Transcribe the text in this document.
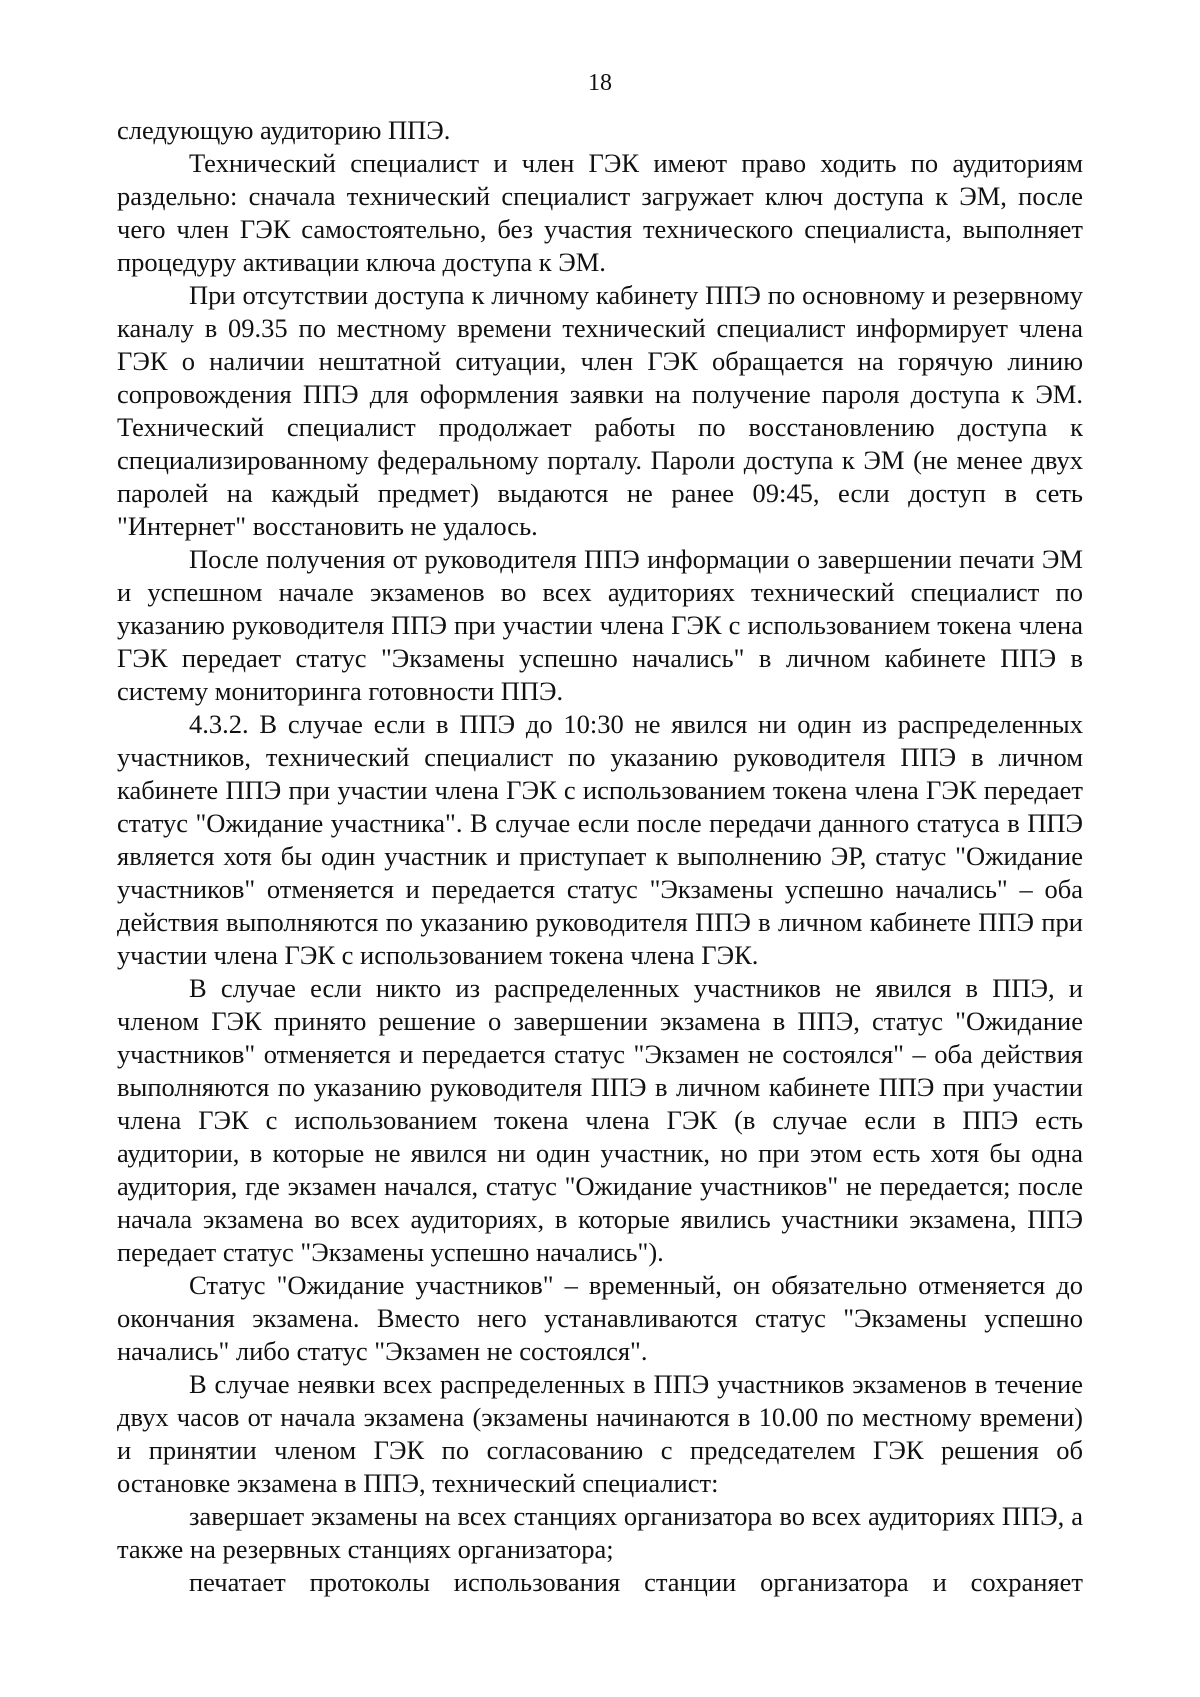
18

следующую аудиторию ППЭ.

Технический специалист и член ГЭК имеют право ходить по аудиториям раздельно: сначала технический специалист загружает ключ доступа к ЭМ, после чего член ГЭК самостоятельно, без участия технического специалиста, выполняет процедуру активации ключа доступа к ЭМ.

При отсутствии доступа к личному кабинету ППЭ по основному и резервному каналу в 09.35 по местному времени технический специалист информирует члена ГЭК о наличии нештатной ситуации, член ГЭК обращается на горячую линию сопровождения ППЭ для оформления заявки на получение пароля доступа к ЭМ. Технический специалист продолжает работы по восстановлению доступа к специализированному федеральному порталу. Пароли доступа к ЭМ (не менее двух паролей на каждый предмет) выдаются не ранее 09:45, если доступ в сеть "Интернет" восстановить не удалось.

После получения от руководителя ППЭ информации о завершении печати ЭМ и успешном начале экзаменов во всех аудиториях технический специалист по указанию руководителя ППЭ при участии члена ГЭК с использованием токена члена ГЭК передает статус "Экзамены успешно начались" в личном кабинете ППЭ в систему мониторинга готовности ППЭ.

4.3.2. В случае если в ППЭ до 10:30 не явился ни один из распределенных участников, технический специалист по указанию руководителя ППЭ в личном кабинете ППЭ при участии члена ГЭК с использованием токена члена ГЭК передает статус "Ожидание участника". В случае если после передачи данного статуса в ППЭ является хотя бы один участник и приступает к выполнению ЭР, статус "Ожидание участников" отменяется и передается статус "Экзамены успешно начались" – оба действия выполняются по указанию руководителя ППЭ в личном кабинете ППЭ при участии члена ГЭК с использованием токена члена ГЭК.

В случае если никто из распределенных участников не явился в ППЭ, и членом ГЭК принято решение о завершении экзамена в ППЭ, статус "Ожидание участников" отменяется и передается статус "Экзамен не состоялся" – оба действия выполняются по указанию руководителя ППЭ в личном кабинете ППЭ при участии члена ГЭК с использованием токена члена ГЭК (в случае если в ППЭ есть аудитории, в которые не явился ни один участник, но при этом есть хотя бы одна аудитория, где экзамен начался, статус "Ожидание участников" не передается; после начала экзамена во всех аудиториях, в которые явились участники экзамена, ППЭ передает статус "Экзамены успешно начались").

Статус "Ожидание участников" – временный, он обязательно отменяется до окончания экзамена. Вместо него устанавливаются статус "Экзамены успешно начались" либо статус "Экзамен не состоялся".

В случае неявки всех распределенных в ППЭ участников экзаменов в течение двух часов от начала экзамена (экзамены начинаются в 10.00 по местному времени) и принятии членом ГЭК по согласованию с председателем ГЭК решения об остановке экзамена в ППЭ, технический специалист:

завершает экзамены на всех станциях организатора во всех аудиториях ППЭ, а также на резервных станциях организатора;

печатает протоколы использования станции организатора и сохраняет
